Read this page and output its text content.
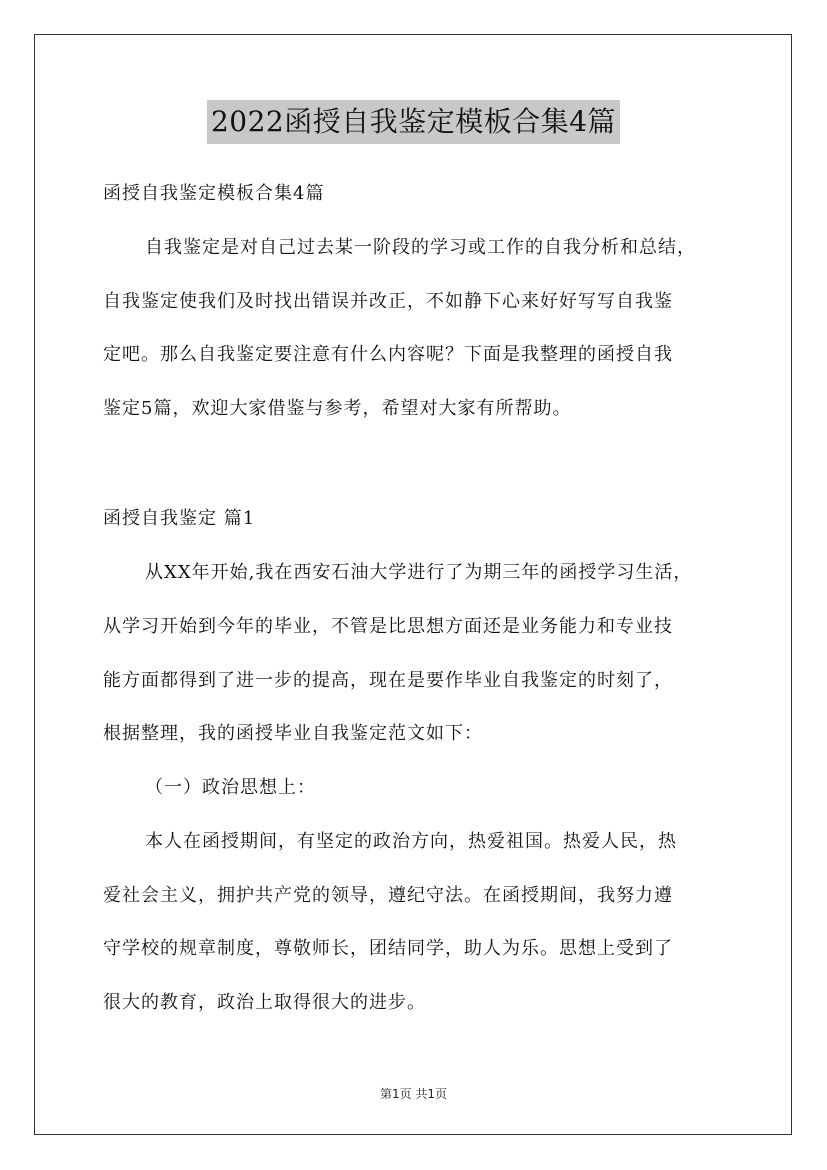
2022函授自我鉴定模板合集4篇
函授自我鉴定模板合集4篇
自我鉴定是对自己过去某一阶段的学习或工作的自我分析和总结，
自我鉴定使我们及时找出错误并改正，不如静下心来好好写写自我鉴
定吧。那么自我鉴定要注意有什么内容呢？下面是我整理的函授自我
鉴定5篇，欢迎大家借鉴与参考，希望对大家有所帮助。
函授自我鉴定 篇1
从XX年开始,我在西安石油大学进行了为期三年的函授学习生活，
从学习开始到今年的毕业，不管是比思想方面还是业务能力和专业技
能方面都得到了进一步的提高，现在是要作毕业自我鉴定的时刻了，
根据整理，我的函授毕业自我鉴定范文如下：
（一）政治思想上：
本人在函授期间，有坚定的政治方向，热爱祖国。热爱人民，热
爱社会主义，拥护共产党的领导，遵纪守法。在函授期间，我努力遵
守学校的规章制度，尊敬师长，团结同学，助人为乐。思想上受到了
很大的教育，政治上取得很大的进步。
第1页 共1页
